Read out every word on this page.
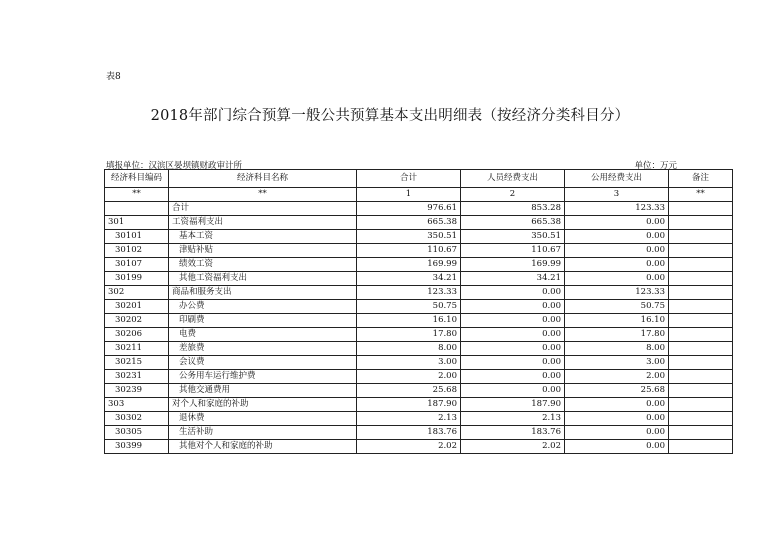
表8
2018年部门综合预算一般公共预算基本支出明细表（按经济分类科目分）
填报单位：汉滨区晏坝镇财政审计所	单位：万元
经济科目编码	经济科目名称	合计	人员经费支出	公用经费支出	备注
**	**	1	2	3	**
	合计	976.61	853.28	123.33	
301	工资福利支出	665.38	665.38	0.00	
30101	基本工资	350.51	350.51	0.00	
30102	津贴补贴	110.67	110.67	0.00	
30107	绩效工资	169.99	169.99	0.00	
30199	其他工资福利支出	34.21	34.21	0.00	
302	商品和服务支出	123.33	0.00	123.33	
30201	办公费	50.75	0.00	50.75	
30202	印刷费	16.10	0.00	16.10	
30206	电费	17.80	0.00	17.80	
30211	差旅费	8.00	0.00	8.00	
30215	会议费	3.00	0.00	3.00	
30231	公务用车运行维护费	2.00	0.00	2.00	
30239	其他交通费用	25.68	0.00	25.68	
303	对个人和家庭的补助	187.90	187.90	0.00	
30302	退休费	2.13	2.13	0.00	
30305	生活补助	183.76	183.76	0.00	
30399	其他对个人和家庭的补助	2.02	2.02	0.00	
